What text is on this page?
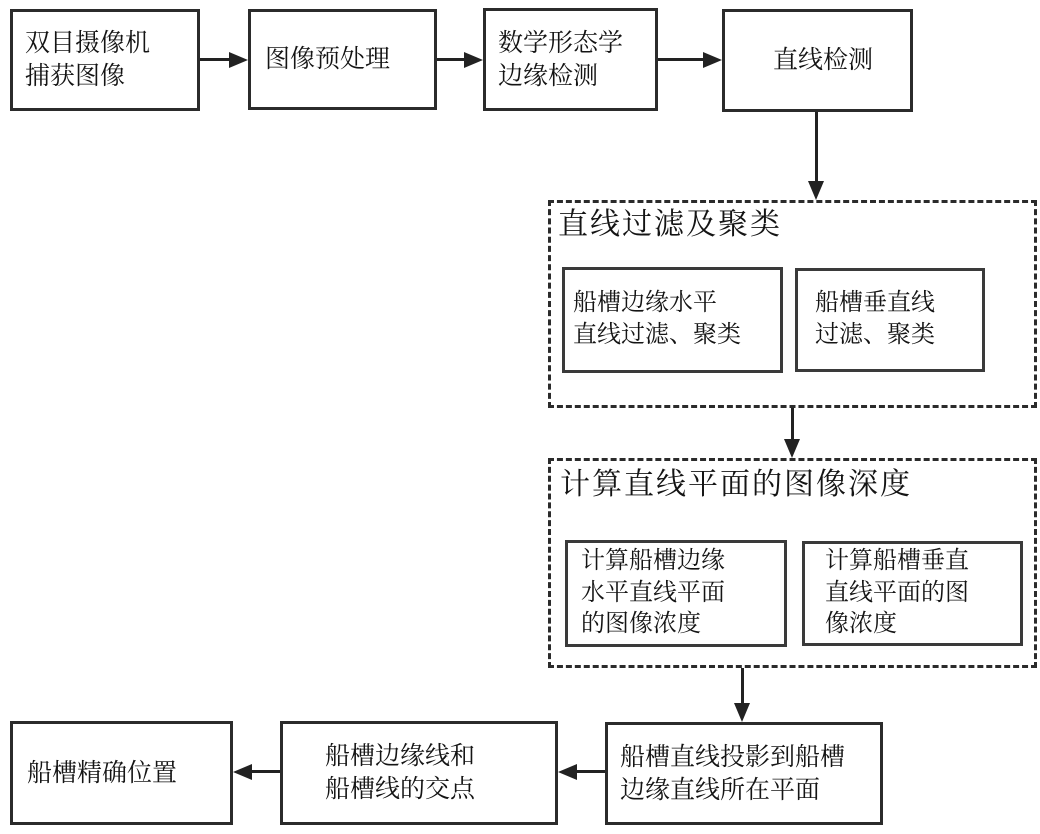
双目摄像机
捕获图像
图像预处理
数学形态学
边缘检测
直线检测
直线过滤及聚类
船槽边缘水平
直线过滤、聚类
船槽垂直线
过滤、聚类
计算直线平面的图像深度
计算船槽边缘
水平直线平面
的图像浓度
计算船槽垂直
直线平面的图
像浓度
船槽直线投影到船槽
边缘直线所在平面
船槽边缘线和
船槽线的交点
船槽精确位置
